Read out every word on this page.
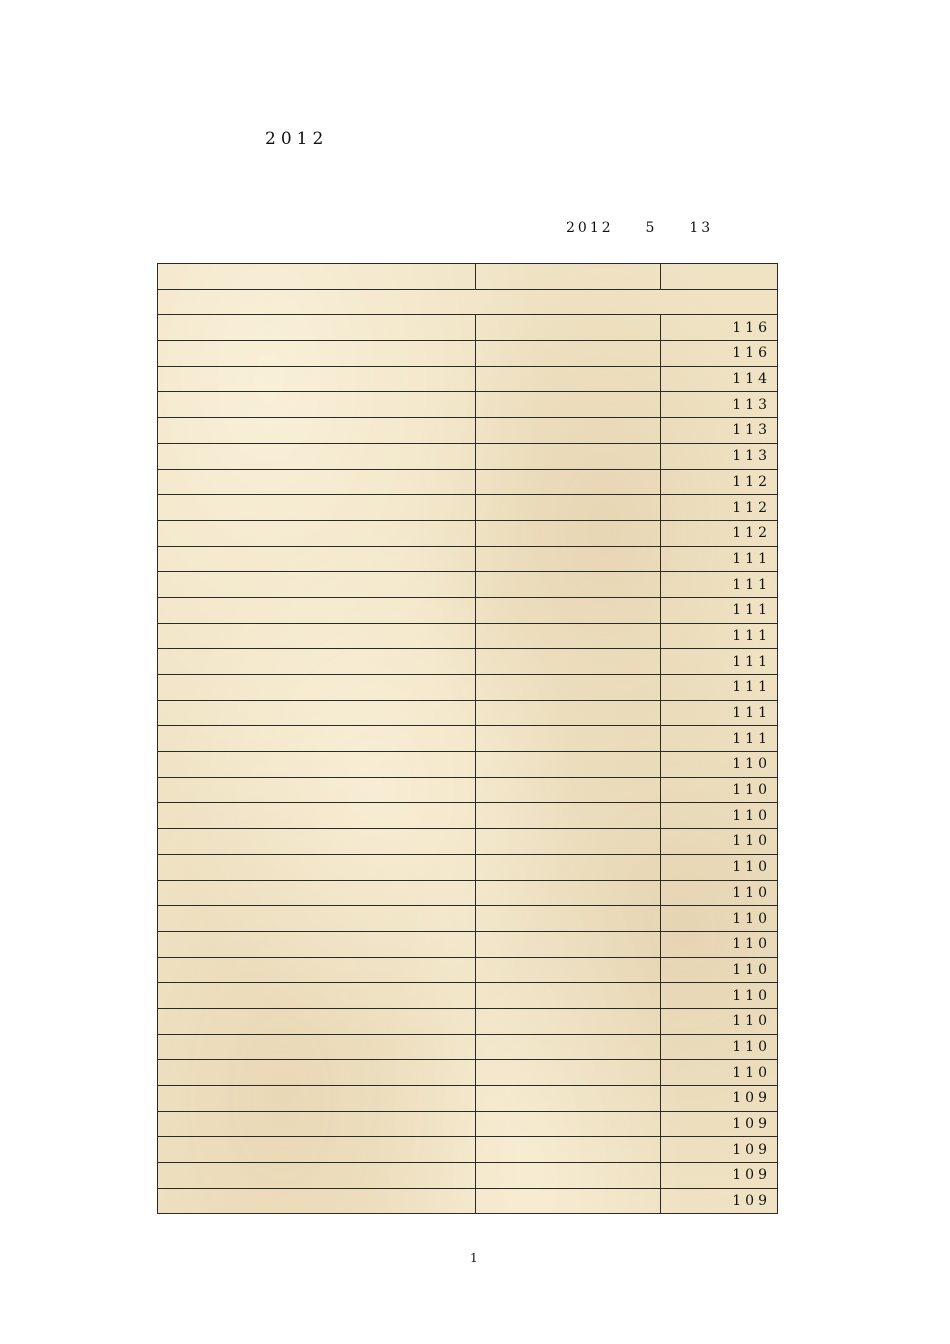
2012　　　　　　　　　　　　　　　　　　　　　　

2012　  5　  13　　　　

　　　　　　　　　	　　　　	116
　　　　　　　	　　　　	116
　　　　　　　　	　　　	114
　　　　　　　	　　　	113
　　　　　　　	　　　　	113
　　　　　　　	　　　	113
　　　　　　　	　　　	112
　　　　　　　	　　　	112
　　　　　　　	　　　	112
　　　　　　　	　　　	111
　　　　　　　　	　　　	111
　　　　　　　　	　　　	111
　　　　　　　	　　　	111
　　　　　　　	　　　	111
　　　　　　　	　　　	111
　　　　　　　	　　　	111
　　　　　　　	　　　	111
　　　　　　　	　　　	110
　　　　　　　	　　　	110
　　　　　　　	　　　　	110
　　　　　　　	　　　　	110
　　　　　　　	　　　　	110
　　　　　　　	　　　　	110
　　　　　　　	　　　	110
　　　　　　　	　　　	110
　　　　　　　	　　　	110
　　　　　　　　	　　　　	110
　　　　　　　	　　　	110
　　　　　　　	　　　	110
　　　　　　　	　　　	110
　　　　　　　	　　　	109
　　　　　　　　	　　　	109
　　　　　　　　	　　　	109
　　　　　　　	　　　	109
　　　　　　　	　　　	109
1
